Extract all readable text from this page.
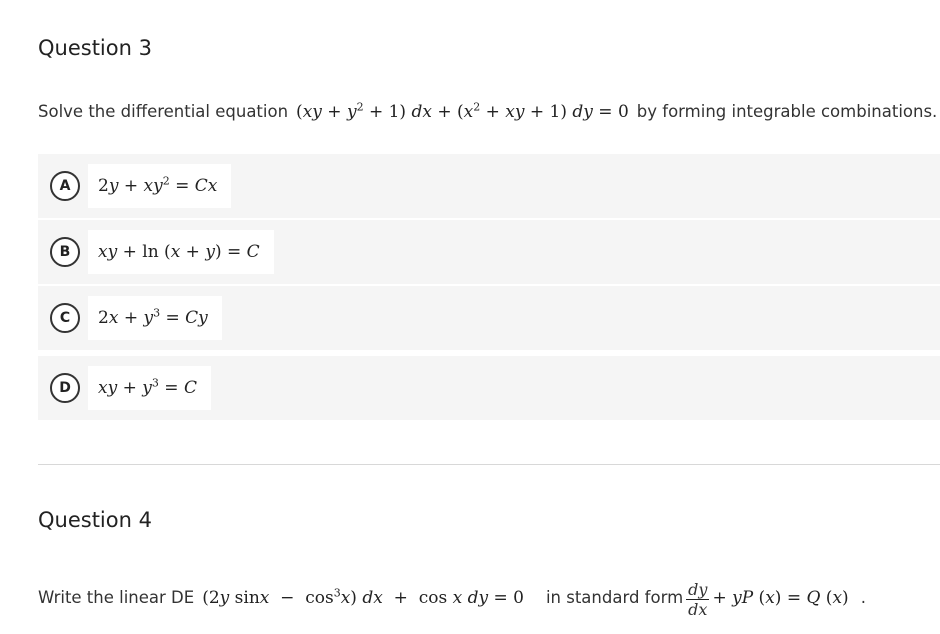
Question 3
Solve the differential equation $(xy + y^2 + 1)$ dx + ($x^2$ + xy + 1) dy = 0 by forming integrable combinations.
A	$2y + xy^2 = Cx$
B	xy + ln (x + y) = C
C	$2x + y^3 = Cy$
D	xy + $y^3 = C$
Question 4
Write the linear DE (2y $\sin x - \cos^3x$) dx  +  cos x dy = 0 in standard form $\frac{dy}{dx}$ + yP (x) = Q (x) .
